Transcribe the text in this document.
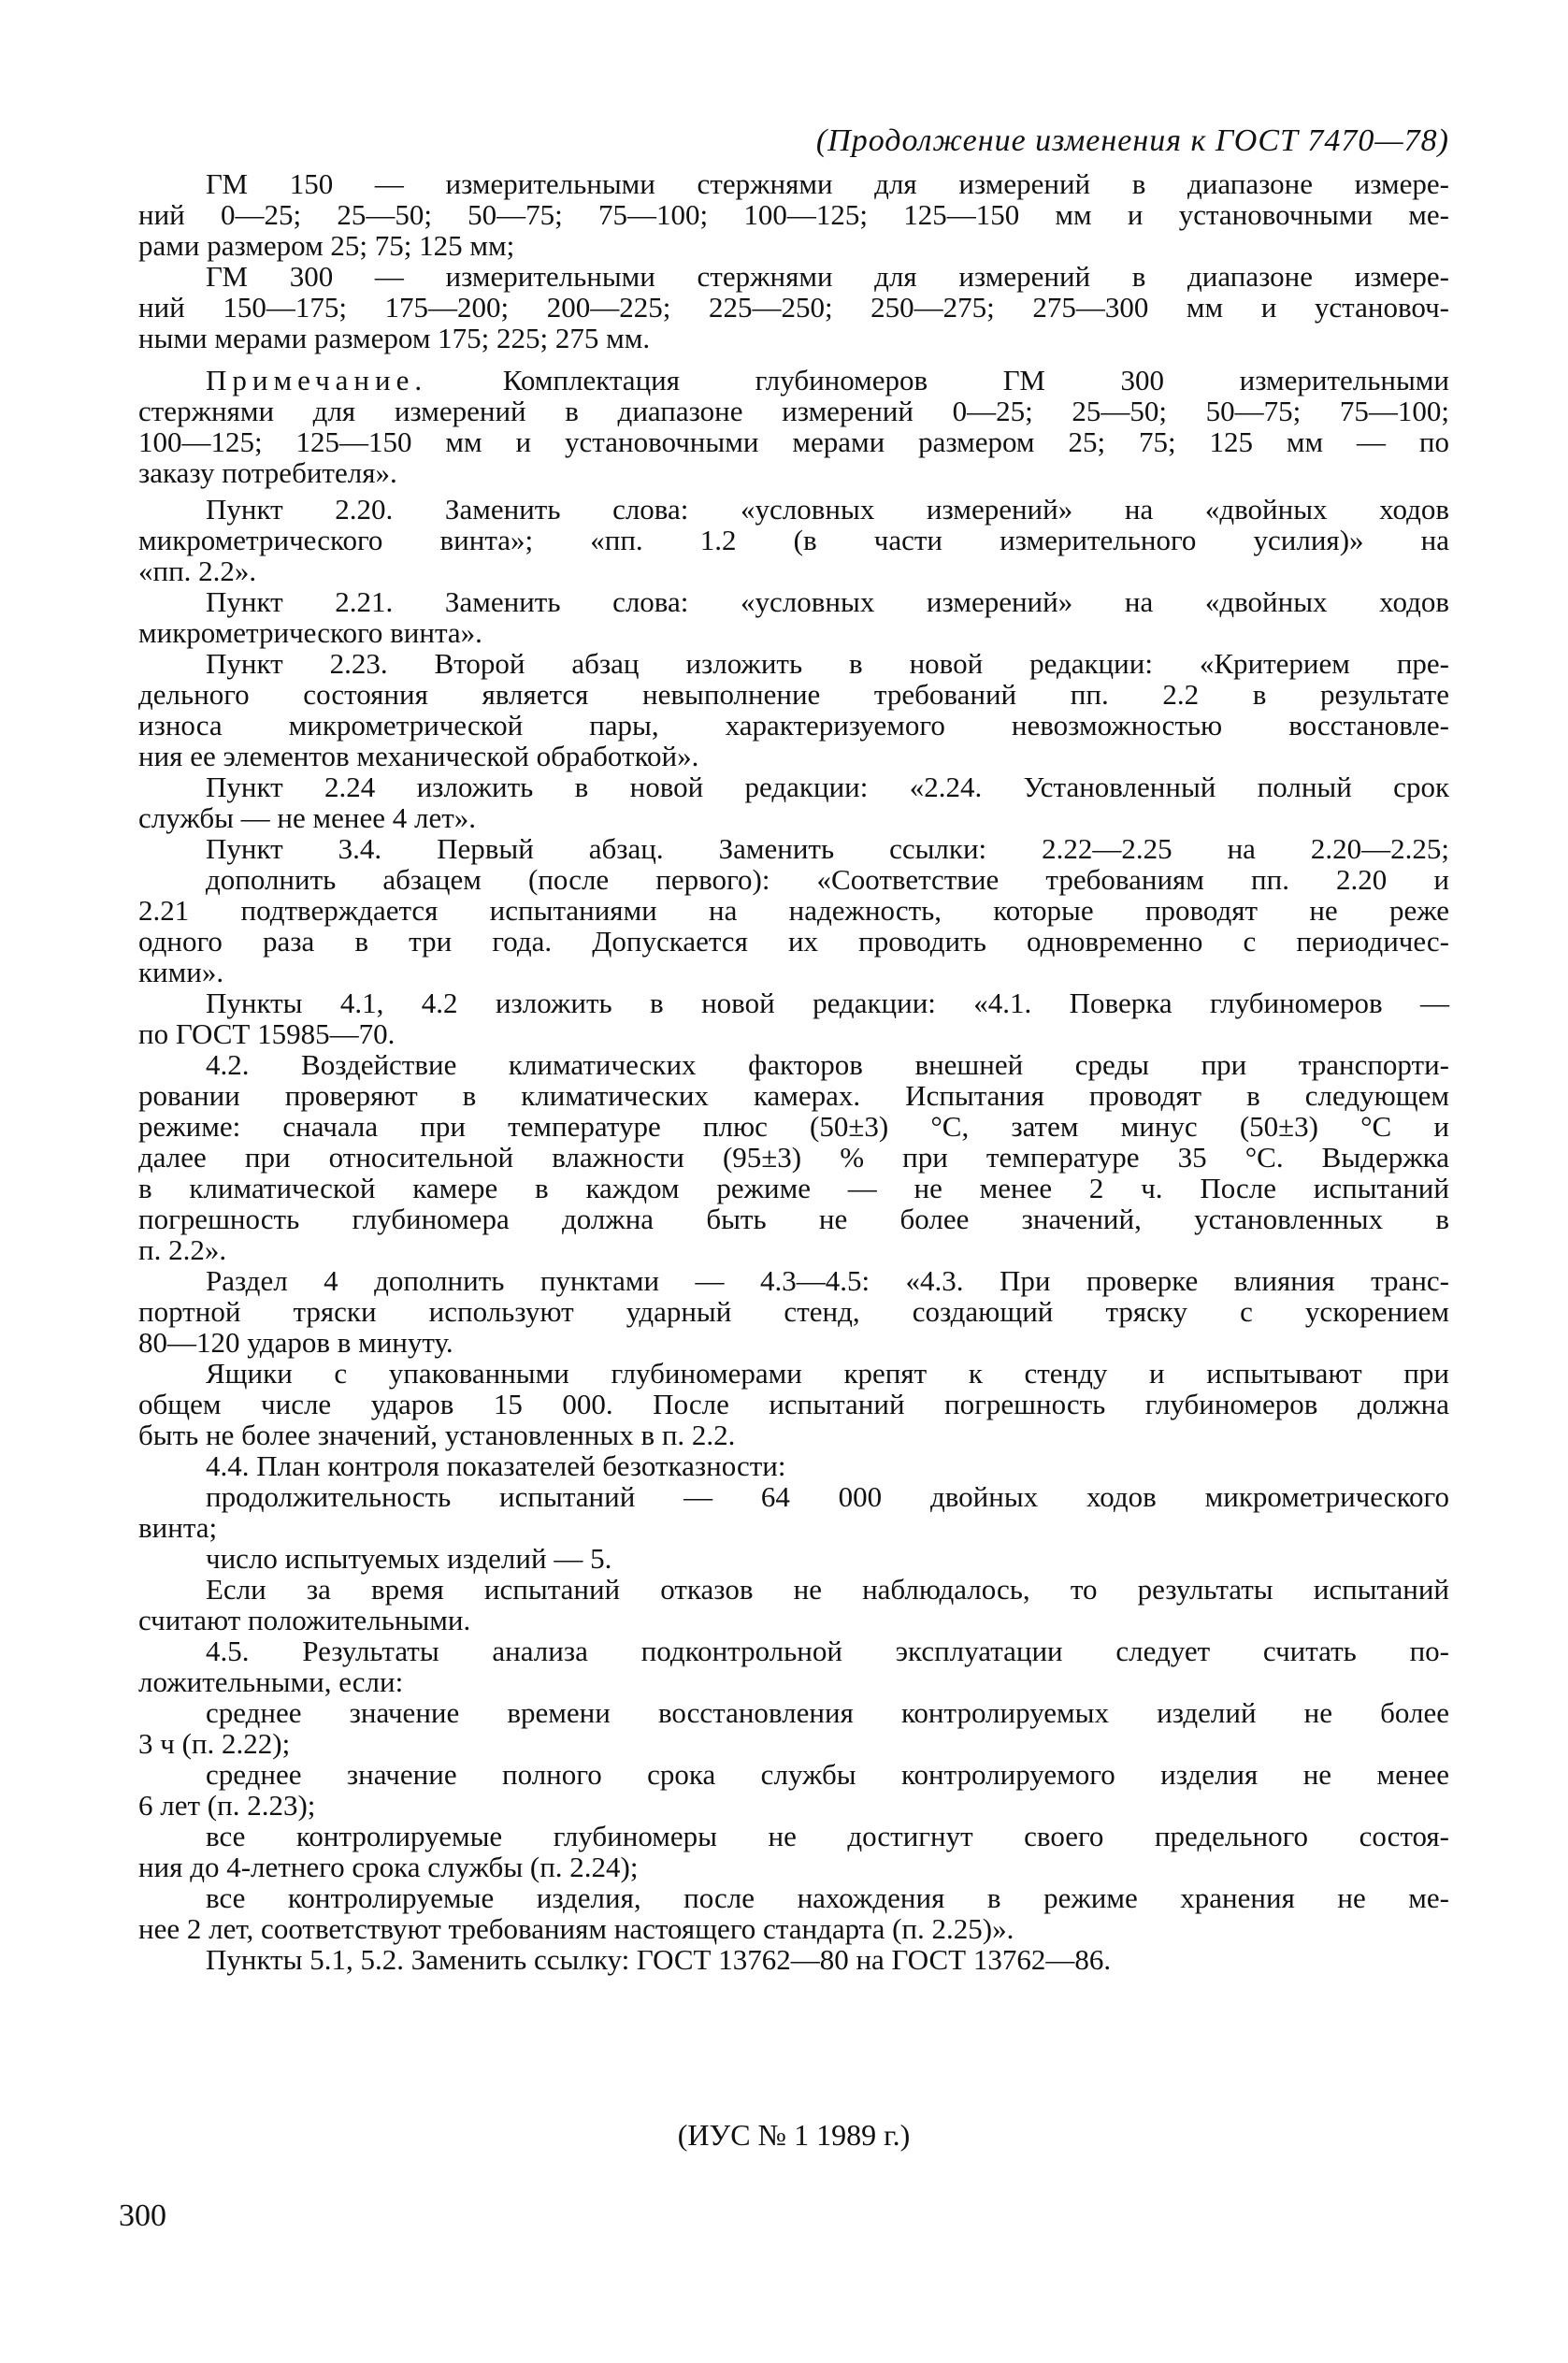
(Продолжение изменения к ГОСТ 7470—78)
ГМ 150 — измерительными стержнями для измерений в диапазоне измере-
ний 0—25; 25—50; 50—75; 75—100; 100—125; 125—150 мм и установочными ме-
рами размером 25; 75; 125 мм;
ГМ 300 — измерительными стержнями для измерений в диапазоне измере-
ний 150—175; 175—200; 200—225; 225—250; 250—275; 275—300 мм и установоч-
ными мерами размером 175; 225; 275 мм.
Примечание.	Комплектация глубиномеров ГМ 300 измерительными
стержнями для измерений в диапазоне измерений 0—25; 25—50; 50—75; 75—100;
100—125; 125—150 мм и установочными мерами размером 25; 75; 125 мм — по
заказу потребителя».
Пункт 2.20. Заменить слова: «условных измерений» на «двойных ходов
микрометрического винта»; «пп. 1.2 (в части измерительного усилия)» на
«пп. 2.2».
Пункт 2.21. Заменить слова: «условных измерений» на «двойных ходов
микрометрического винта».
Пункт 2.23. Второй абзац изложить в новой редакции: «Критерием пре-
дельного состояния является невыполнение требований пп. 2.2 в результате
износа микрометрической пары, характеризуемого невозможностью восстановле-
ния ее элементов механической обработкой».
Пункт 2.24 изложить в новой редакции: «2.24. Установленный полный срок
службы — не менее 4 лет».
Пункт 3.4. Первый абзац. Заменить ссылки: 2.22—2.25 на 2.20—2.25;
дополнить абзацем (после первого): «Соответствие требованиям пп. 2.20 и
2.21 подтверждается испытаниями на надежность, которые проводят не реже
одного раза в три года. Допускается их проводить одновременно с периодичес-
кими».
Пункты 4.1, 4.2 изложить в новой редакции: «4.1. Поверка глубиномеров —
по ГОСТ 15985—70.
4.2. Воздействие климатических факторов внешней среды при транспорти-
ровании проверяют в климатических камерах. Испытания проводят в следующем
режиме: сначала при температуре плюс (50±3) °С, затем минус (50±3) °С и
далее при относительной влажности (95±3) % при температуре 35 °С. Выдержка
в климатической камере в каждом режиме — не менее 2 ч. После испытаний
погрешность глубиномера должна быть не более значений, установленных в
п. 2.2».
Раздел 4 дополнить пунктами — 4.3—4.5: «4.3. При проверке влияния транс-
портной тряски используют ударный стенд, создающий тряску с ускорением
80—120 ударов в минуту.
Ящики с упакованными глубиномерами крепят к стенду и испытывают при
общем числе ударов 15 000. После испытаний погрешность глубиномеров должна
быть не более значений, установленных в п. 2.2.
4.4. План контроля показателей безотказности:
продолжительность испытаний — 64 000 двойных ходов микрометрического
винта;
число испытуемых изделий — 5.
Если за время испытаний отказов не наблюдалось, то результаты испытаний
считают положительными.
4.5. Результаты анализа подконтрольной эксплуатации следует считать по-
ложительными, если:
среднее значение времени восстановления контролируемых изделий не более
3 ч (п. 2.22);
среднее значение полного срока службы контролируемого изделия не менее
6 лет (п. 2.23);
все контролируемые глубиномеры не достигнут своего предельного состоя-
ния до 4-летнего срока службы (п. 2.24);
все контролируемые изделия, после нахождения в режиме хранения не ме-
нее 2 лет, соответствуют требованиям настоящего стандарта (п. 2.25)».
Пункты 5.1, 5.2. Заменить ссылку: ГОСТ 13762—80 на ГОСТ 13762—86.
(ИУС № 1 1989 г.)
300
